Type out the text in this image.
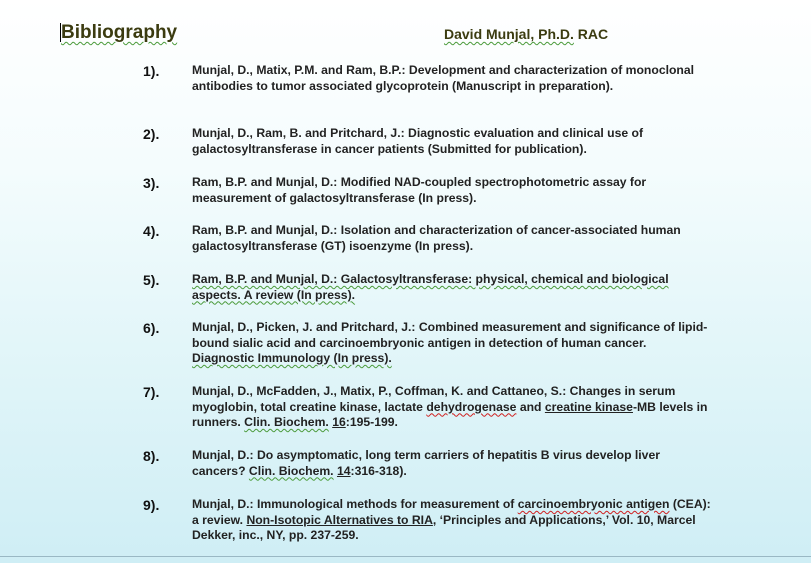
Bibliography	David Munjal, Ph.D. RAC
1).	Munjal, D., Matix, P.M. and Ram, B.P.: Development and characterization of monoclonal antibodies to tumor associated glycoprotein (Manuscript in preparation).
2).	Munjal, D., Ram, B. and Pritchard, J.: Diagnostic evaluation and clinical use of galactosyltransferase in cancer patients (Submitted for publication).
3).	Ram, B.P. and Munjal, D.: Modified NAD-coupled spectrophotometric assay for measurement of galactosyltransferase (In press).
4).	Ram, B.P. and Munjal, D.: Isolation and characterization of cancer-associated human galactosyltransferase (GT) isoenzyme (In press).
5).	Ram, B.P. and Munjal, D.: Galactosyltransferase: physical, chemical and biological aspects. A review (In press).
6).	Munjal, D., Picken, J. and Pritchard, J.: Combined measurement and significance of lipid-bound sialic acid and carcinoembryonic antigen in detection of human cancer. Diagnostic Immunology (In press).
7).	Munjal, D., McFadden, J., Matix, P., Coffman, K. and Cattaneo, S.: Changes in serum myoglobin, total creatine kinase, lactate dehydrogenase and creatine kinase-MB levels in runners. Clin. Biochem. 16:195-199.
8).	Munjal, D.: Do asymptomatic, long term carriers of hepatitis B virus develop liver cancers? Clin. Biochem. 14:316-318).
9).	Munjal, D.: Immunological methods for measurement of carcinoembryonic antigen (CEA): a review. Non-Isotopic Alternatives to RIA, ‘Principles and Applications,’ Vol. 10, Marcel Dekker, inc., NY, pp. 237-259.
